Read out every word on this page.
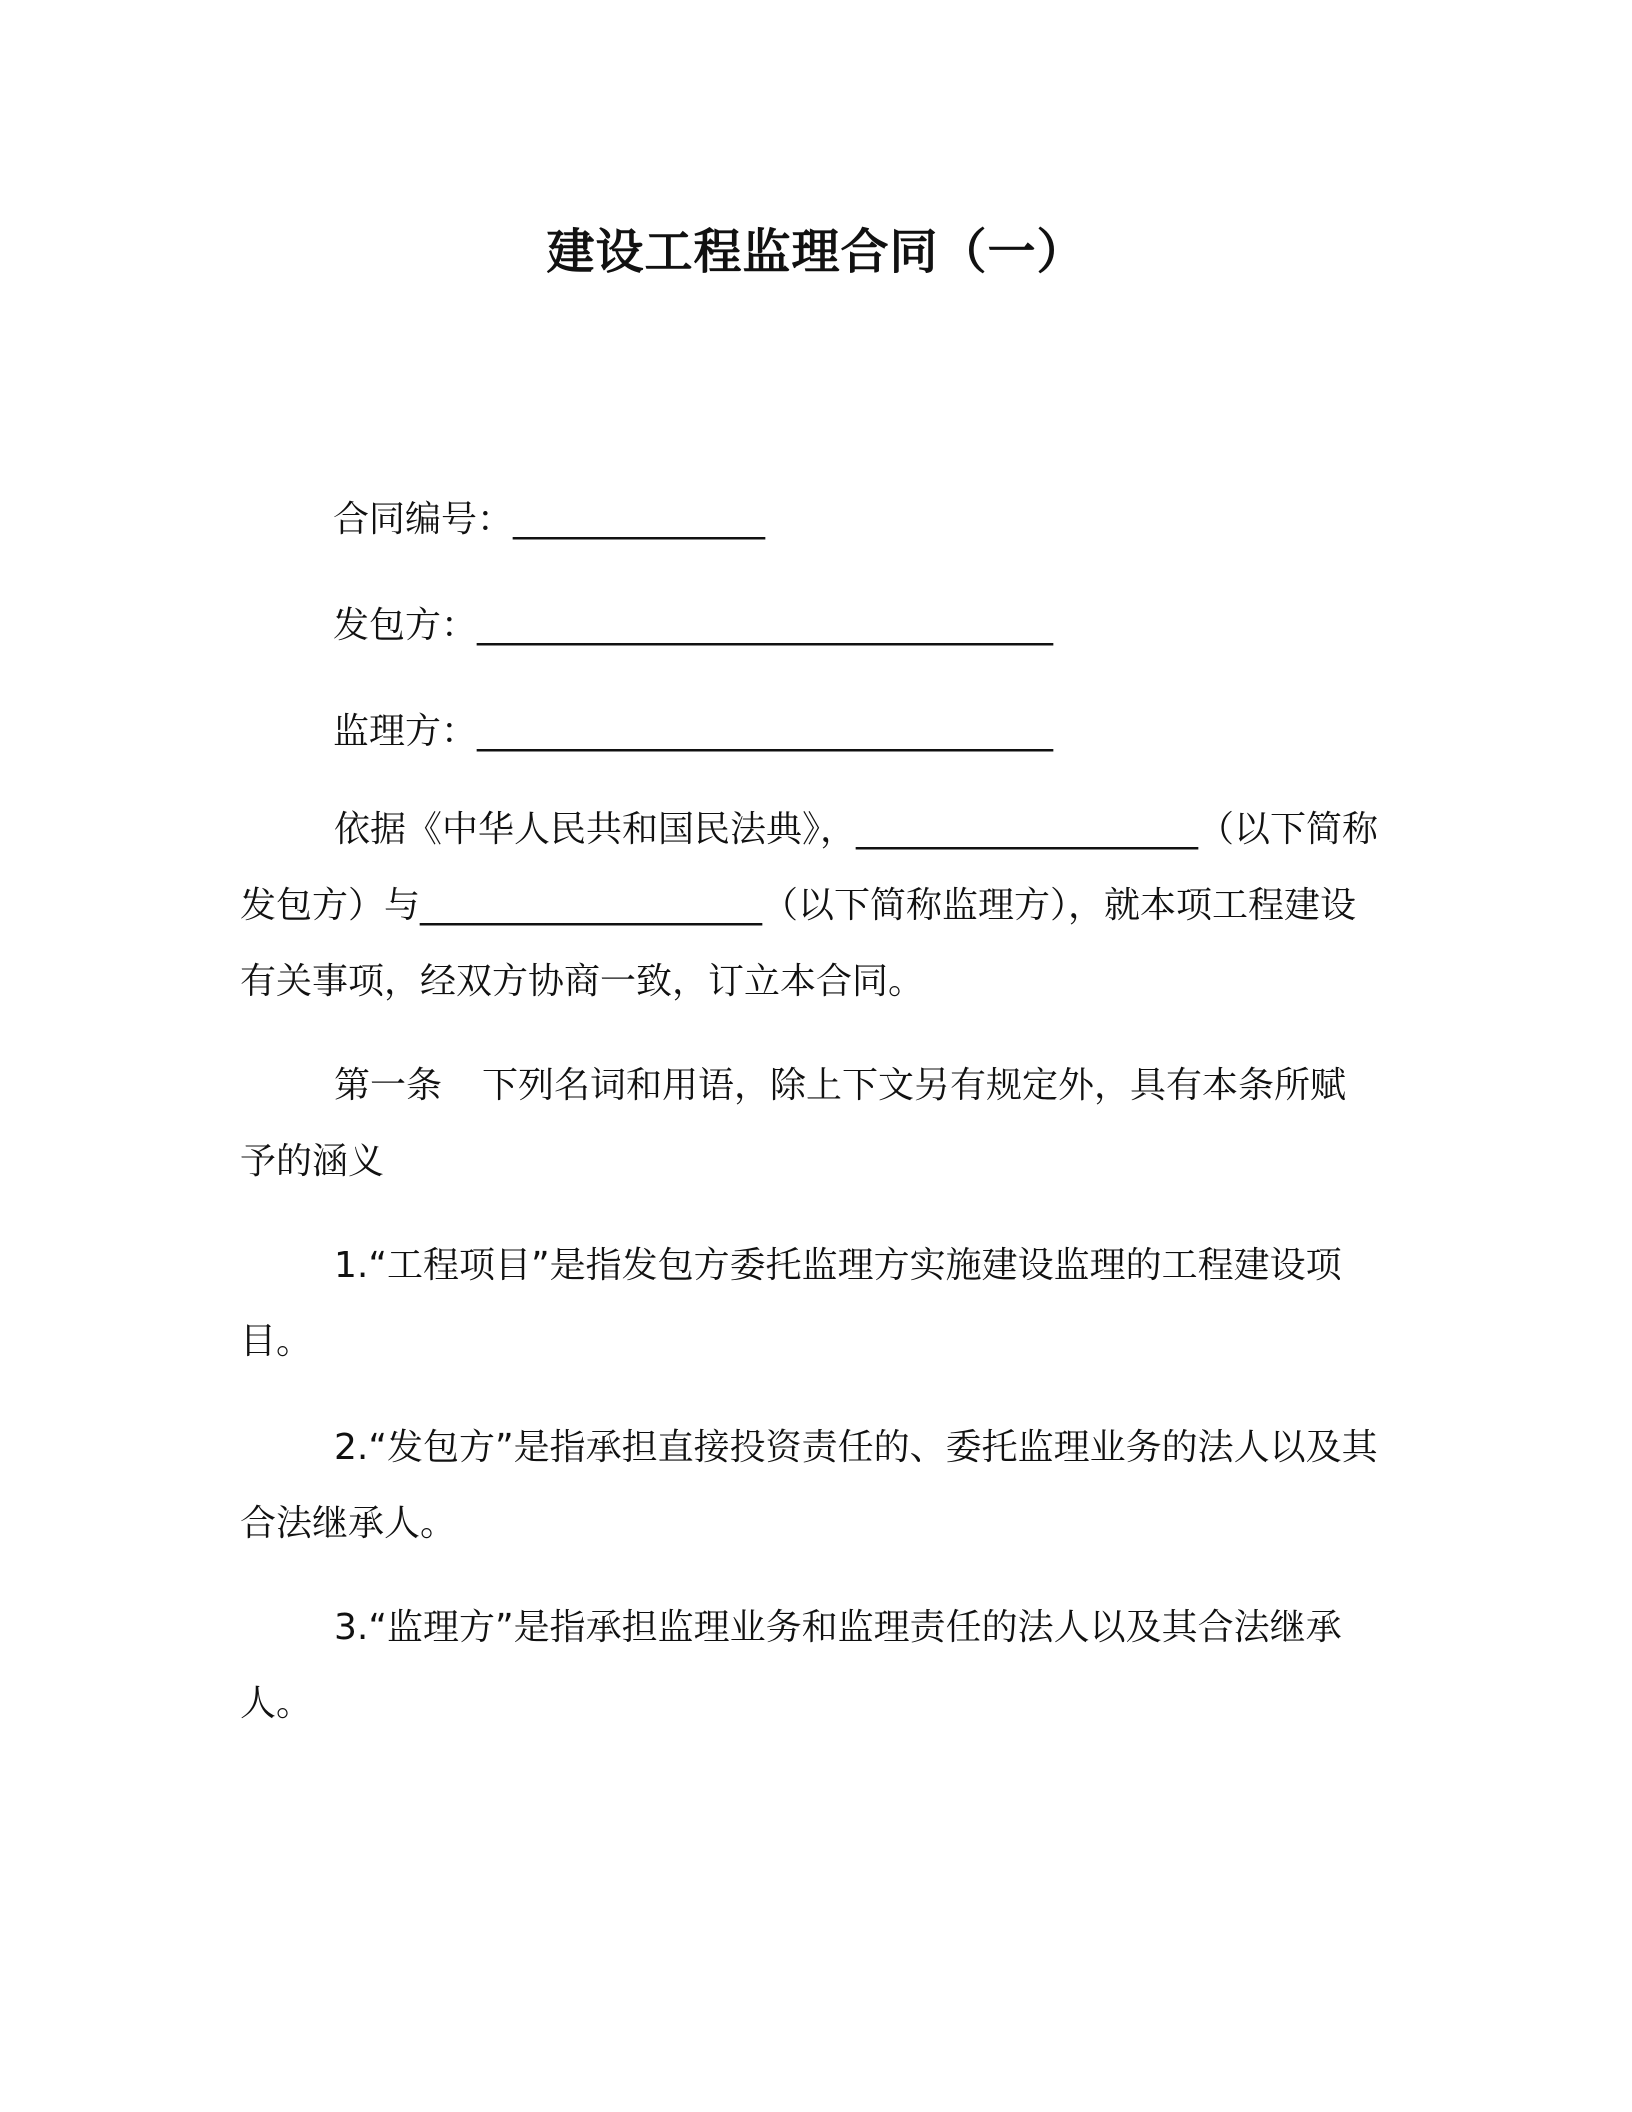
建设工程监理合同（一）

合同编号：______________

发包方：________________________________

监理方：________________________________

依据《中华人民共和国民法典》，___________________（以下简称发包方）与___________________（以下简称监理方），就本项工程建设有关事项，经双方协商一致，订立本合同。

第一条 下列名词和用语，除上下文另有规定外，具有本条所赋予的涵义

1.“工程项目”是指发包方委托监理方实施建设监理的工程建设项目。

2.“发包方”是指承担直接投资责任的、委托监理业务的法人以及其合法继承人。

3.“监理方”是指承担监理业务和监理责任的法人以及其合法继承人。
